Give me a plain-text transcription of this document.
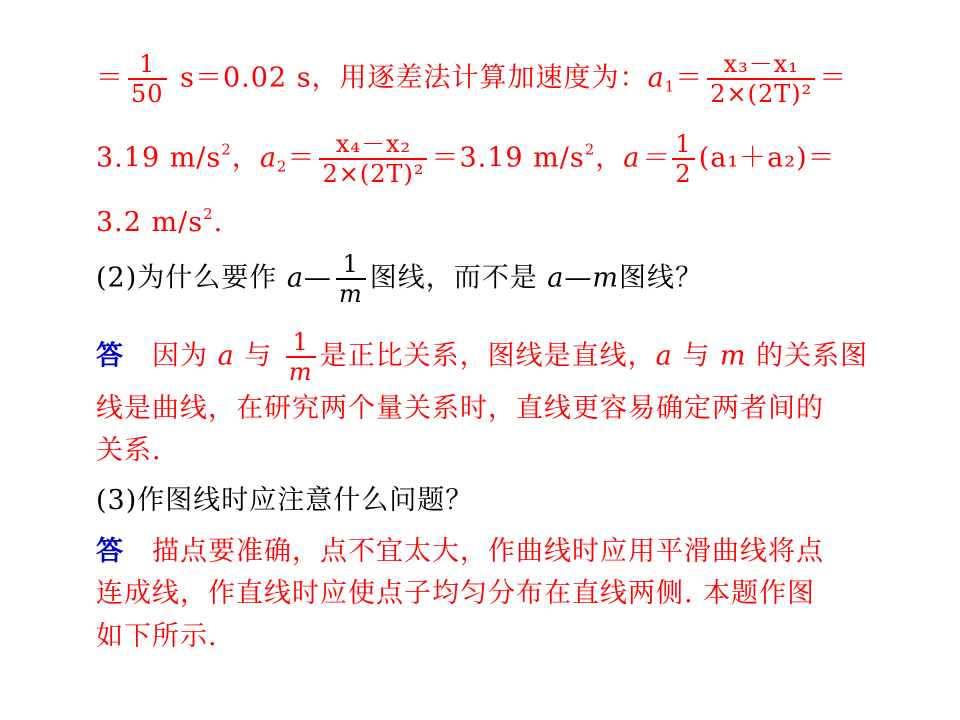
＝ $\frac{1}{50} s=0.02$ s，用逐差法计算加速度为：$a_1= \frac{\text{x₃－x₁}}{\text{2×(2T)²}}$ ＝
3.19 $m/s^2$，$a_2= \frac{\text{x₄－x₂}}{\text{2×(2T)²}} =3.19$ $m/s^2$，$a= \frac{1}{2} (a_1+a_2)=$
3.2 $m/s^2$.
(2)为什么要作 a— $\frac{1}{m}$ 图线，而不是 a—m图线？
答　因为 a 与 $\frac{1}{m}$ 是正比关系，图线是直线，a 与 m 的关系图
线是曲线，在研究两个量关系时，直线更容易确定两者间的
关系.
(3)作图线时应注意什么问题？
答　描点要准确，点不宜太大，作曲线时应用平滑曲线将点
连成线，作直线时应使点子均匀分布在直线两侧. 本题作图
如下所示.
